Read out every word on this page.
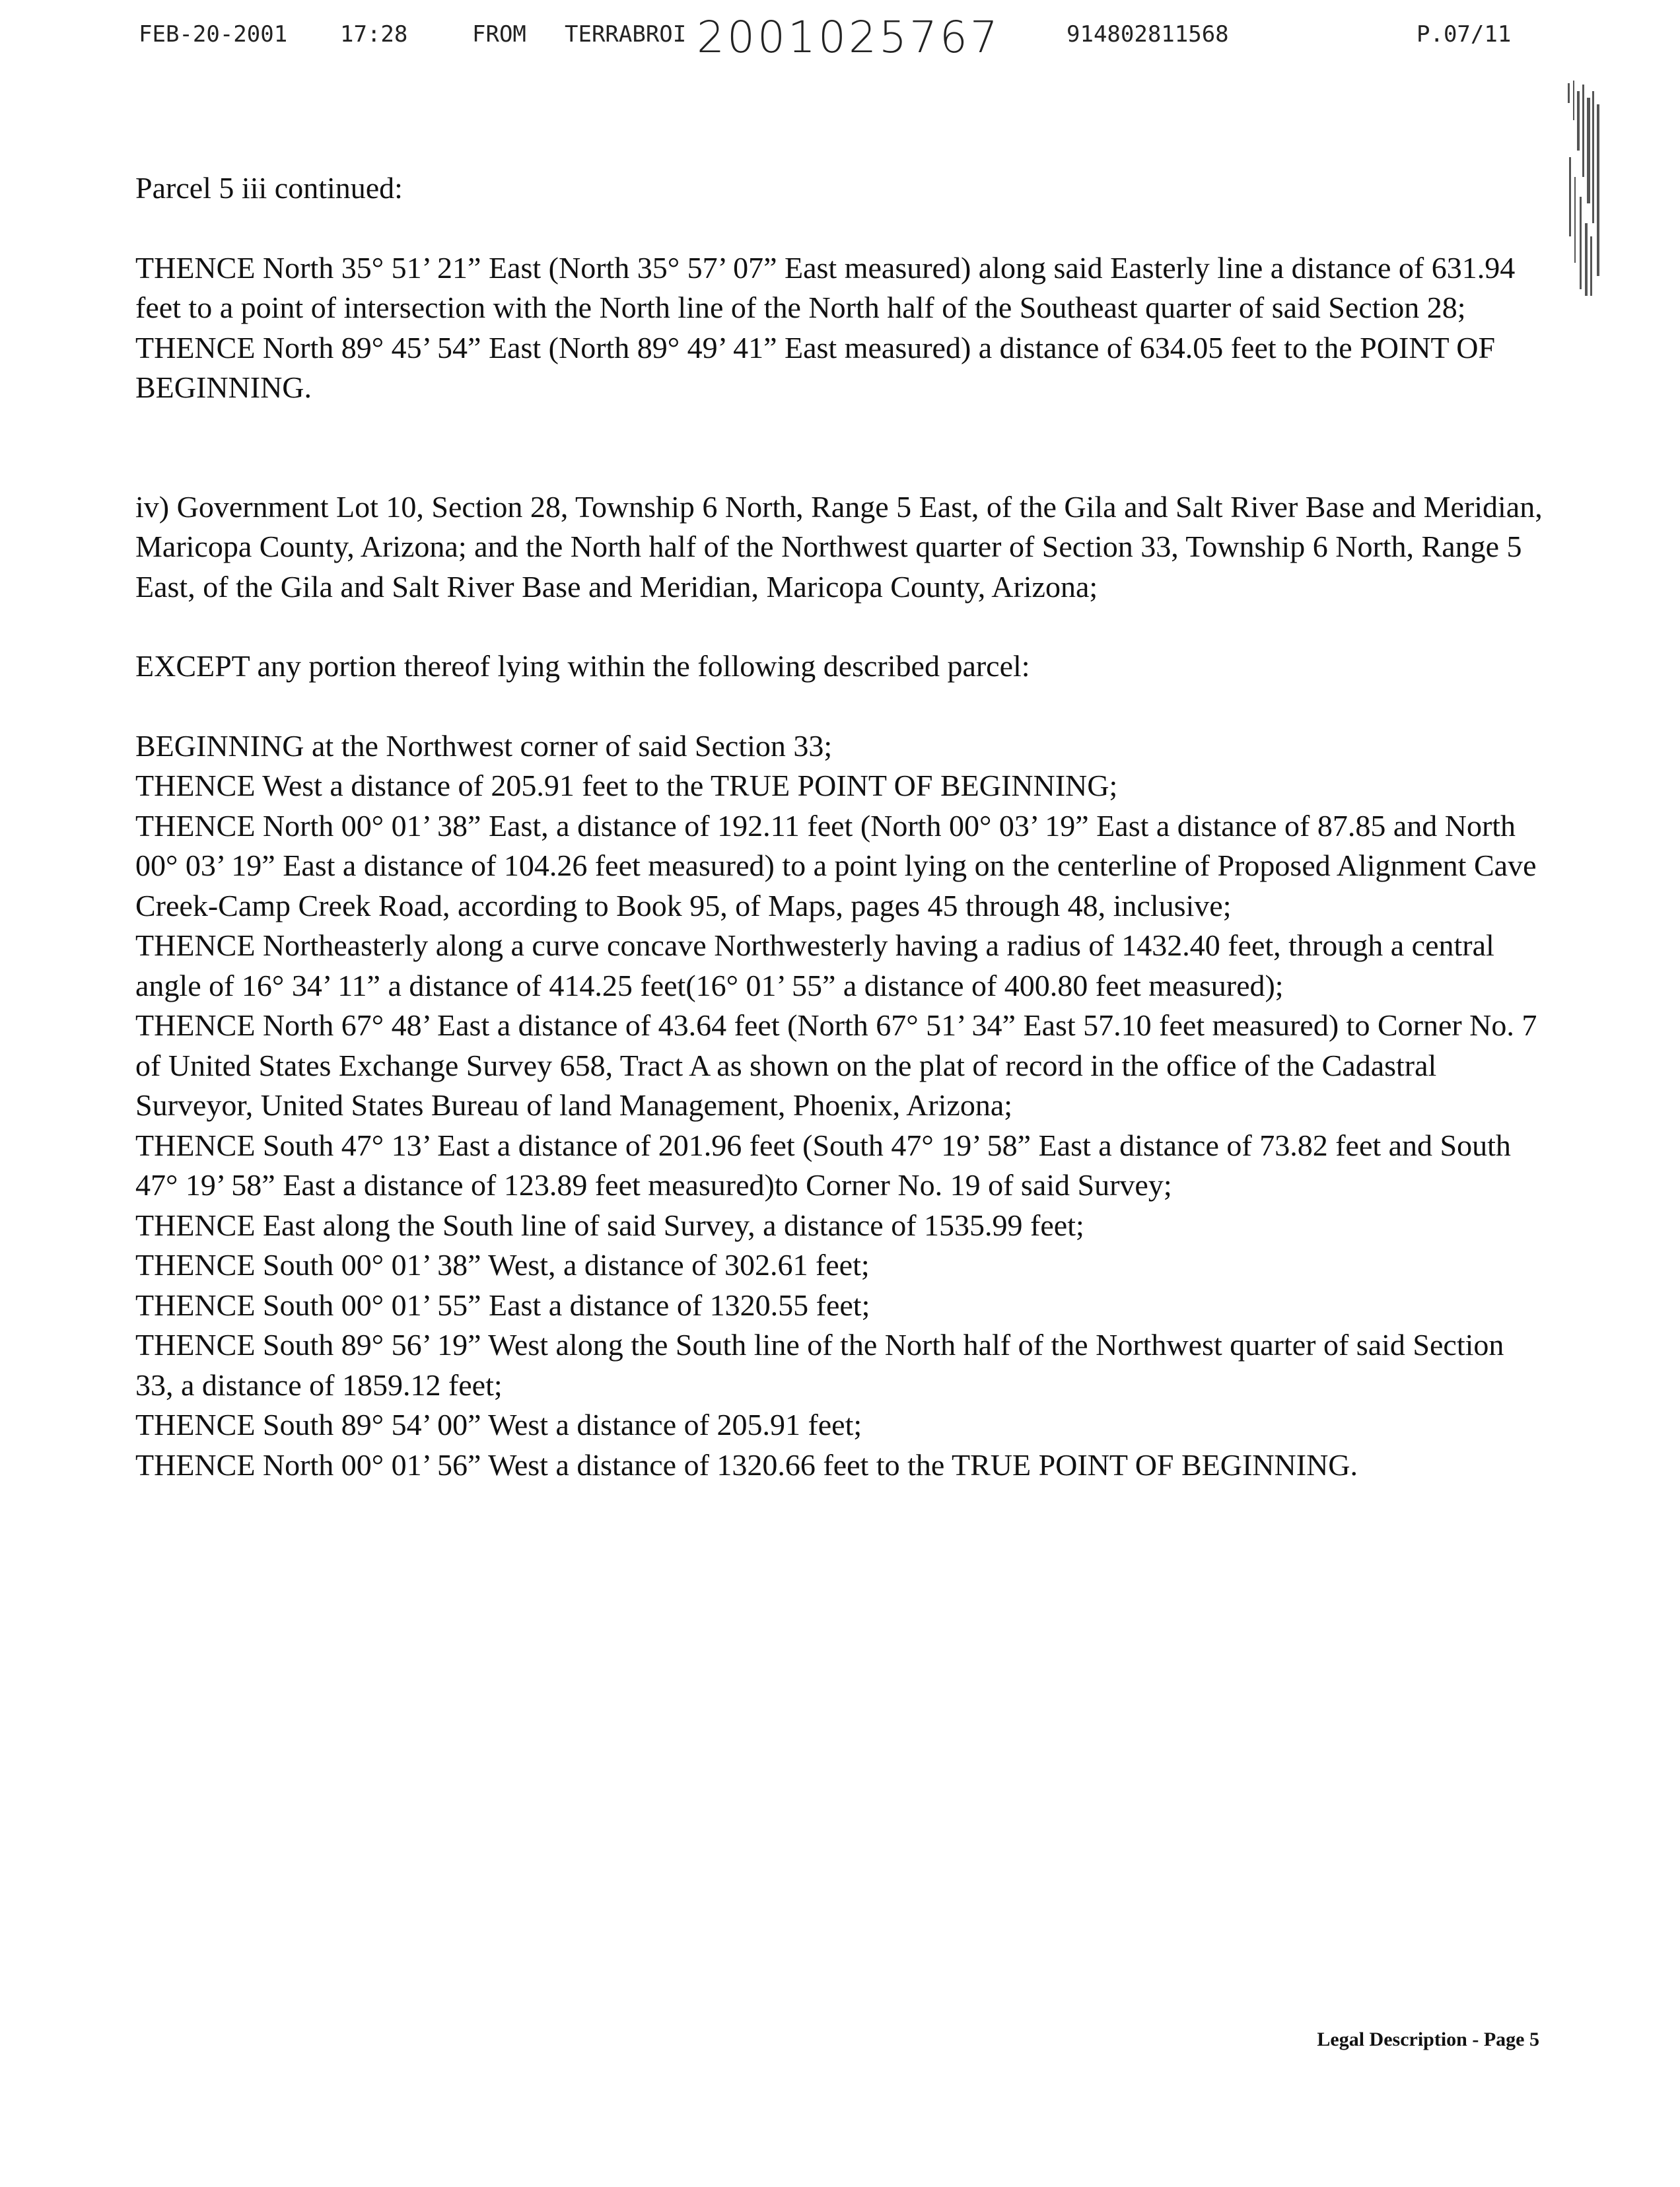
FEB-20-2001 17:28	FROM TERRABROI 2001025767	914802811568	P.07/11

Parcel 5 iii continued:

THENCE North 35° 51’ 21” East (North 35° 57’ 07” East measured) along said Easterly line a distance of 631.94 feet to a point of intersection with the North line of the North half of the Southeast quarter of said Section 28;

THENCE North 89° 45’ 54” East (North 89° 49’ 41” East measured) a distance of 634.05 feet to the POINT OF BEGINNING.

iv) Government Lot 10, Section 28, Township 6 North, Range 5 East, of the Gila and Salt River Base and Meridian, Maricopa County, Arizona; and the North half of the Northwest quarter of Section 33, Township 6 North, Range 5 East, of the Gila and Salt River Base and Meridian, Maricopa County, Arizona;

EXCEPT any portion thereof lying within the following described parcel:

BEGINNING at the Northwest corner of said Section 33;

THENCE West a distance of 205.91 feet to the TRUE POINT OF BEGINNING;

THENCE North 00° 01’ 38” East, a distance of 192.11 feet (North 00° 03’ 19” East a distance of 87.85 and North 00° 03’ 19” East a distance of 104.26 feet measured) to a point lying on the centerline of Proposed Alignment Cave Creek-Camp Creek Road, according to Book 95, of Maps, pages 45 through 48, inclusive;

THENCE Northeasterly along a curve concave Northwesterly having a radius of 1432.40 feet, through a central angle of 16° 34’ 11” a distance of 414.25 feet(16° 01’ 55” a distance of 400.80 feet measured);

THENCE North 67° 48’ East a distance of 43.64 feet (North 67° 51’ 34” East 57.10 feet measured) to Corner No. 7 of United States Exchange Survey 658, Tract A as shown on the plat of record in the office of the Cadastral Surveyor, United States Bureau of land Management, Phoenix, Arizona;

THENCE South 47° 13’ East a distance of 201.96 feet (South 47° 19’ 58” East a distance of 73.82 feet and South 47° 19’ 58” East a distance of 123.89 feet measured)to Corner No. 19 of said Survey;

THENCE East along the South line of said Survey, a distance of 1535.99 feet;

THENCE South 00° 01’ 38” West, a distance of 302.61 feet;

THENCE South 00° 01’ 55” East a distance of 1320.55 feet;

THENCE South 89° 56’ 19” West along the South line of the North half of the Northwest quarter of said Section 33, a distance of 1859.12 feet;

THENCE South 89° 54’ 00” West a distance of 205.91 feet;

THENCE North 00° 01’ 56” West a distance of 1320.66 feet to the TRUE POINT OF BEGINNING.

Legal Description - Page 5
